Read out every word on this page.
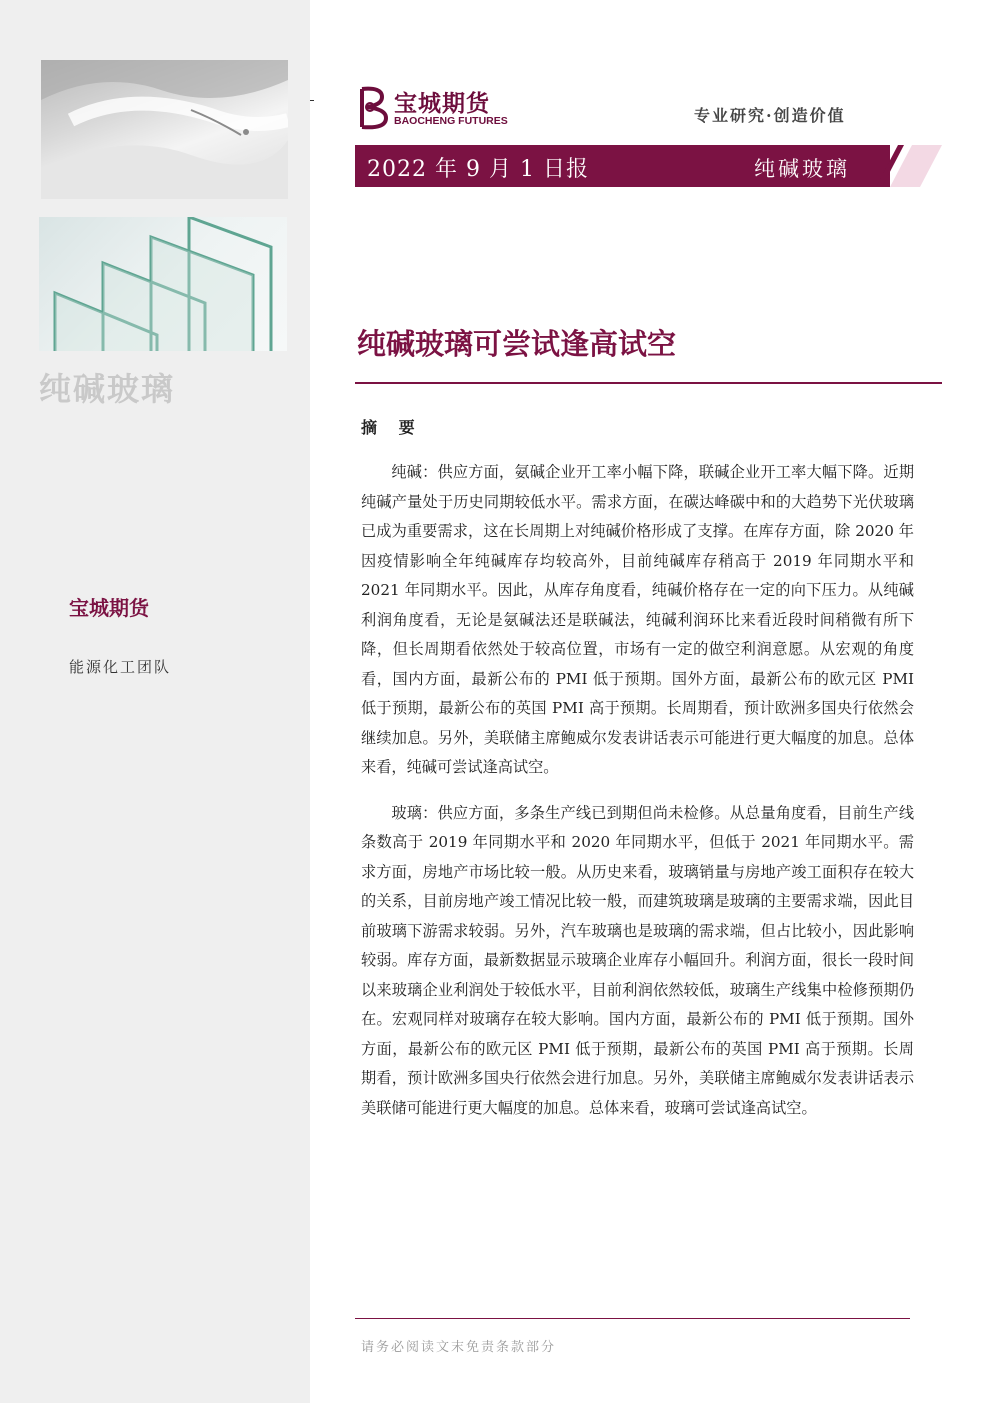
纯碱玻璃
宝城期货
能源化工团队
宝城期货
BAOCHENG FUTURES	专业研究·创造价值
2022 年 9 月 1 日报	纯碱玻璃
纯碱玻璃可尝试逢高试空
摘 要

纯碱：供应方面，氨碱企业开工率小幅下降，联碱企业开工率大幅下降。近期纯碱产量处于历史同期较低水平。需求方面，在碳达峰碳中和的大趋势下光伏玻璃已成为重要需求，这在长周期上对纯碱价格形成了支撑。在库存方面，除 2020 年因疫情影响全年纯碱库存均较高外，目前纯碱库存稍高于 2019 年同期水平和 2021 年同期水平。因此，从库存角度看，纯碱价格存在一定的向下压力。从纯碱利润角度看，无论是氨碱法还是联碱法，纯碱利润环比来看近段时间稍微有所下降，但长周期看依然处于较高位置，市场有一定的做空利润意愿。从宏观的角度看，国内方面，最新公布的 PMI 低于预期。国外方面，最新公布的欧元区 PMI 低于预期，最新公布的英国 PMI 高于预期。长周期看，预计欧洲多国央行依然会继续加息。另外，美联储主席鲍威尔发表讲话表示可能进行更大幅度的加息。总体来看，纯碱可尝试逢高试空。

玻璃：供应方面，多条生产线已到期但尚未检修。从总量角度看，目前生产线条数高于 2019 年同期水平和 2020 年同期水平，但低于 2021 年同期水平。需求方面，房地产市场比较一般。从历史来看，玻璃销量与房地产竣工面积存在较大的关系，目前房地产竣工情况比较一般，而建筑玻璃是玻璃的主要需求端，因此目前玻璃下游需求较弱。另外，汽车玻璃也是玻璃的需求端，但占比较小，因此影响较弱。库存方面，最新数据显示玻璃企业库存小幅回升。利润方面，很长一段时间以来玻璃企业利润处于较低水平，目前利润依然较低，玻璃生产线集中检修预期仍在。宏观同样对玻璃存在较大影响。国内方面，最新公布的 PMI 低于预期。国外方面，最新公布的欧元区 PMI 低于预期，最新公布的英国 PMI 高于预期。长周期看，预计欧洲多国央行依然会进行加息。另外，美联储主席鲍威尔发表讲话表示美联储可能进行更大幅度的加息。总体来看，玻璃可尝试逢高试空。

请务必阅读文末免责条款部分
